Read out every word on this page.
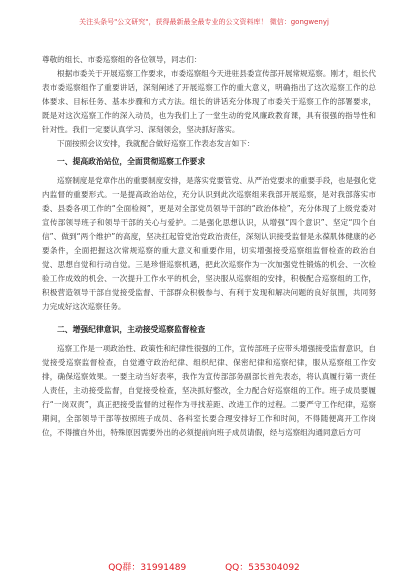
关注头条号"公文研究"，获得最新最全最专业的公文资料库！ 微信：gongwenyj

尊敬的组长、市委巡察组的各位领导，同志们：

根据市委关于开展巡察工作要求，市委巡察组今天进驻县委宣传部开展常规巡察。刚才，组长代表市委巡察组作了重要讲话，深刻阐述了开展巡察工作的重大意义，明确指出了这次巡察工作的总体要求、目标任务、基本步骤和方式方法。组长的讲话充分体现了市委关于巡察工作的部署要求，既是对这次巡察工作的深入动员，也为我们上了一堂生动的党风廉政教育课，具有很强的指导性和针对性。我们一定要认真学习、深刻领会，坚决抓好落实。

下面按照会议安排，我就配合做好巡察工作表态发言如下：

一、提高政治站位，全面贯彻巡察工作要求

巡察制度是党章作出的重要制度安排，是落实党要管党、从严治党要求的重要手段，也是强化党内监督的重要形式。一是提高政治站位，充分认识到此次巡察组来我部开展巡察，是对我部落实市委、县委各项工作的“全面检阅”，更是对全部党员领导干部的“政治体检”，充分体现了上级党委对宣传部领导班子和领导干部的关心与爱护。二是强化思想认识，从增强“四个意识”、坚定“四个自信”、做到“两个维护”的高度，坚决扛起管党治党政治责任，深刻认识接受监督是永葆肌体健康的必要条件，全面把握这次常规巡察的重大意义和重要作用，切实增强接受巡察组监督检查的政治自觉、思想自觉和行动自觉。三是珍惜巡察机遇，把此次巡察作为一次加强党性锻炼的机会、一次检验工作成效的机会、一次提升工作水平的机会，坚决服从巡察组的安排，积极配合巡察组的工作，积极营造领导干部自觉接受监督、干部群众积极参与、有利于发现和解决问题的良好氛围，共同努力完成好这次巡察任务。

二、增强纪律意识，主动接受巡察监督检查

巡察工作是一项政治性、政策性和纪律性很强的工作，宣传部班子应带头增强接受监督意识，自觉接受巡察监督检查，自觉遵守政治纪律、组织纪律、保密纪律和巡察纪律，服从巡察组工作安排，确保巡察效果。一要主动当好表率，我作为宣传部部务副部长首先表态，将认真履行第一责任人责任，主动接受监督，自觉接受检查，坚决抓好整改，全力配合好巡察组的工作。班子成员要履行“一岗双责”，真正把接受监督的过程作为寻找差距、改进工作的过程。二要严守工作纪律，巡察期间，全部领导干部等按照班子成员、各科室长要合理安排好工作和时间，不得随便离开工作岗位，不得擅自外出，特殊原因需要外出的必须提前向班子成员请假，经与巡察组沟通同意后方可

QQ群：31991489	QQ：535304092
